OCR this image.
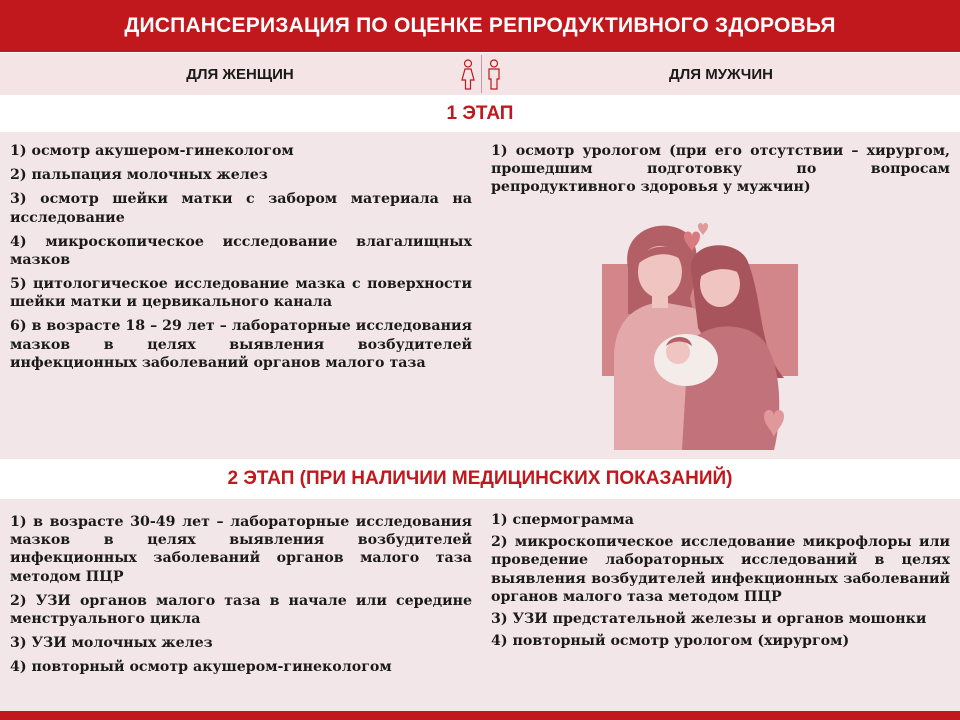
ДИСПАНСЕРИЗАЦИЯ ПО ОЦЕНКЕ РЕПРОДУКТИВНОГО ЗДОРОВЬЯ
ДЛЯ ЖЕНЩИН	ДЛЯ МУЖЧИН
1 ЭТАП
1) осмотр акушером-гинекологом
2) пальпация молочных желез
3) осмотр шейки матки с забором материала на исследование
4) микроскопическое исследование влагалищных мазков
5) цитологическое исследование мазка с поверхности шейки матки и цервикального канала
6) в возрасте 18 – 29 лет – лабораторные исследования мазков в целях выявления возбудителей инфекционных заболеваний органов малого таза
1) осмотр урологом (при его отсутствии – хирургом, прошедшим подготовку по вопросам репродуктивного здоровья у мужчин)
2 ЭТАП (ПРИ НАЛИЧИИ МЕДИЦИНСКИХ ПОКАЗАНИЙ)
1) в возрасте 30-49 лет – лабораторные исследования мазков в целях выявления возбудителей инфекционных заболеваний органов малого таза методом ПЦР
2) УЗИ органов малого таза в начале или середине менструального цикла
3) УЗИ молочных желез
4) повторный осмотр акушером-гинекологом
1) спермограмма
2) микроскопическое исследование микрофлоры или проведение лабораторных исследований в целях выявления возбудителей инфекционных заболеваний органов малого таза методом ПЦР
3) УЗИ предстательной железы и органов мошонки
4) повторный осмотр урологом (хирургом)
